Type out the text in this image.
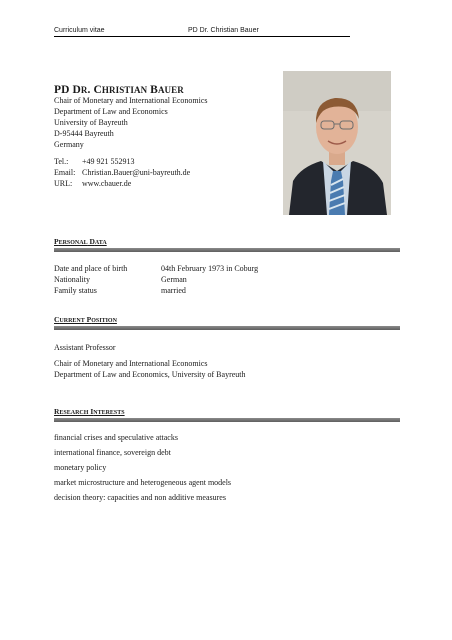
Curriculum vitae	PD Dr. Christian Bauer
PD DR. CHRISTIAN BAUER
Chair of Monetary and International Economics
Department of Law and Economics
University of Bayreuth
D-95444 Bayreuth
Germany
Tel.: +49 921 552913
Email: Christian.Bauer@uni-bayreuth.de
URL: www.cbauer.de
PERSONAL DATA
Date and place of birth	04th February 1973 in Coburg
Nationality	German
Family status	married
CURRENT POSITION
Assistant Professor
Chair of Monetary and International Economics
Department of Law and Economics, University of Bayreuth
RESEARCH INTERESTS
financial crises and speculative attacks
international finance, sovereign debt
monetary policy
market microstructure and heterogeneous agent models
decision theory: capacities and non additive measures
